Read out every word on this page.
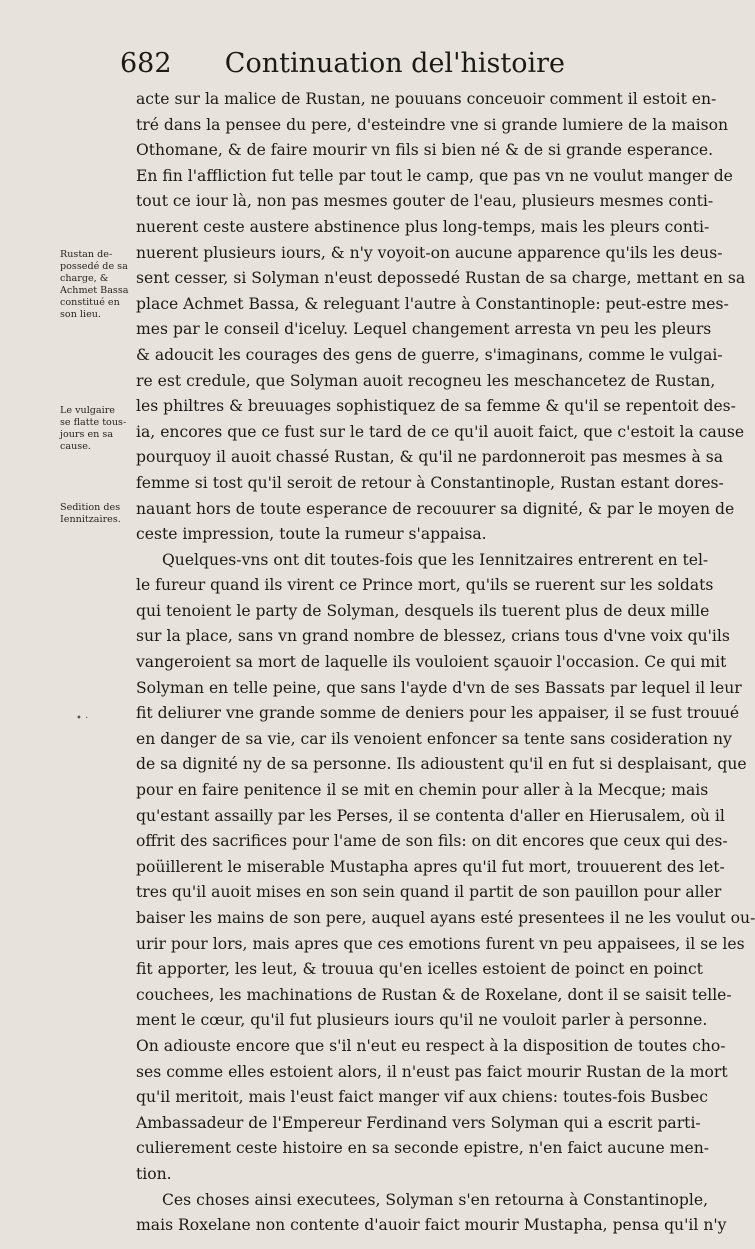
682 Continuation del'histoire
Rustan de-
possedé de sa
charge, &
Achmet Bassa
constitué en
son lieu.
Le vulgaire
se flatte tous-
jours en sa
cause.
Sedition des
Iennitzaires.
• ·
acte sur la malice de Rustan, ne pouuans conceuoir comment il estoit en-
tré dans la pensee du pere, d'esteindre vne si grande lumiere de la maison
Othomane, & de faire mourir vn fils si bien né & de si grande esperance.
En fin l'affliction fut telle par tout le camp, que pas vn ne voulut manger de
tout ce iour là, non pas mesmes gouter de l'eau, plusieurs mesmes conti-
nuerent ceste austere abstinence plus long-temps, mais les pleurs conti-
nuerent plusieurs iours, & n'y voyoit-on aucune apparence qu'ils les deus-
sent cesser, si Solyman n'eust depossedé Rustan de sa charge, mettant en sa
place Achmet Bassa, & releguant l'autre à Constantinople: peut-estre mes-
mes par le conseil d'iceluy. Lequel changement arresta vn peu les pleurs
& adoucit les courages des gens de guerre, s'imaginans, comme le vulgai-
re est credule, que Solyman auoit recogneu les meschancetez de Rustan,
les philtres & breuuages sophistiquez de sa femme & qu'il se repentoit des-
ia, encores que ce fust sur le tard de ce qu'il auoit faict, que c'estoit la cause
pourquoy il auoit chassé Rustan, & qu'il ne pardonneroit pas mesmes à sa
femme si tost qu'il seroit de retour à Constantinople, Rustan estant dores-
nauant hors de toute esperance de recouurer sa dignité, & par le moyen de
ceste impression, toute la rumeur s'appaisa.
Quelques-vns ont dit toutes-fois que les Iennitzaires entrerent en tel-
le fureur quand ils virent ce Prince mort, qu'ils se ruerent sur les soldats
qui tenoient le party de Solyman, desquels ils tuerent plus de deux mille
sur la place, sans vn grand nombre de blessez, crians tous d'vne voix qu'ils
vangeroient sa mort de laquelle ils vouloient sçauoir l'occasion. Ce qui mit
Solyman en telle peine, que sans l'ayde d'vn de ses Bassats par lequel il leur
fit deliurer vne grande somme de deniers pour les appaiser, il se fust trouué
en danger de sa vie, car ils venoient enfoncer sa tente sans cosideration ny
de sa dignité ny de sa personne. Ils adioustent qu'il en fut si desplaisant, que
pour en faire penitence il se mit en chemin pour aller à la Mecque; mais
qu'estant assailly par les Perses, il se contenta d'aller en Hierusalem, où il
offrit des sacrifices pour l'ame de son fils: on dit encores que ceux qui des-
poüillerent le miserable Mustapha apres qu'il fut mort, trouuerent des let-
tres qu'il auoit mises en son sein quand il partit de son pauillon pour aller
baiser les mains de son pere, auquel ayans esté presentees il ne les voulut ou-
urir pour lors, mais apres que ces emotions furent vn peu appaisees, il se les
fit apporter, les leut, & trouua qu'en icelles estoient de poinct en poinct
couchees, les machinations de Rustan & de Roxelane, dont il se saisit telle-
ment le cœur, qu'il fut plusieurs iours qu'il ne vouloit parler à personne.
On adiouste encore que s'il n'eut eu respect à la disposition de toutes cho-
ses comme elles estoient alors, il n'eust pas faict mourir Rustan de la mort
qu'il meritoit, mais l'eust faict manger vif aux chiens: toutes-fois Busbec
Ambassadeur de l'Empereur Ferdinand vers Solyman qui a escrit parti-
culierement ceste histoire en sa seconde epistre, n'en faict aucune men-
tion.
Ces choses ainsi executees, Solyman s'en retourna à Constantinople,
mais Roxelane non contente d'auoir faict mourir Mustapha, pensa qu'il n'y
